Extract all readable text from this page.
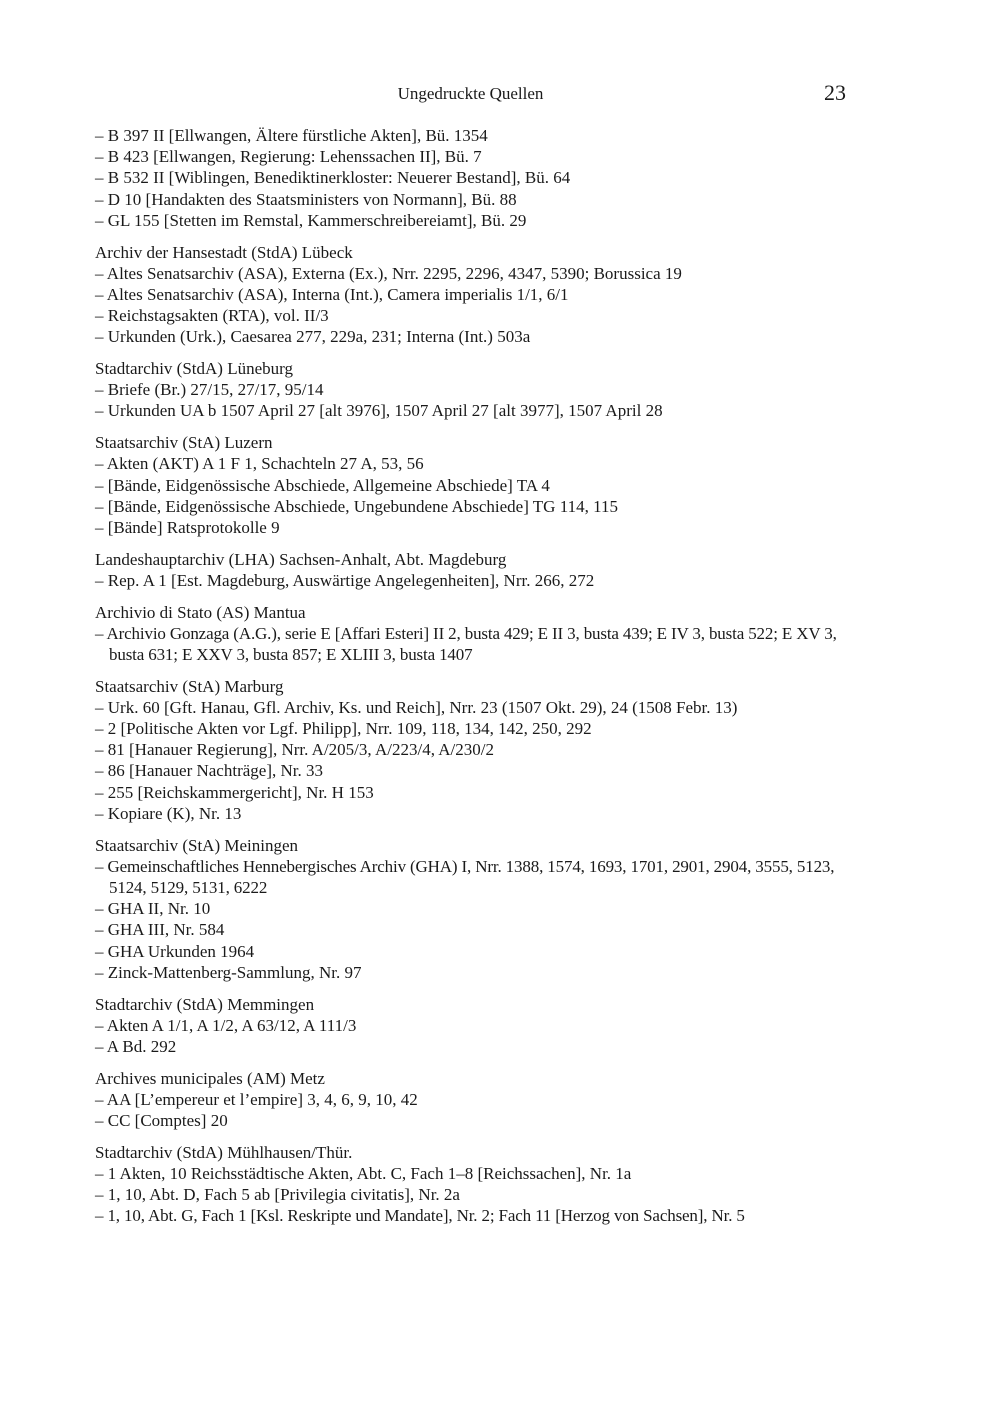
Ungedruckte Quellen	23
– B 397 II [Ellwangen, Ältere fürstliche Akten], Bü. 1354
– B 423 [Ellwangen, Regierung: Lehenssachen II], Bü. 7
– B 532 II [Wiblingen, Benediktinerkloster: Neuerer Bestand], Bü. 64
– D 10 [Handakten des Staatsministers von Normann], Bü. 88
– GL 155 [Stetten im Remstal, Kammerschreibereiamt], Bü. 29
Archiv der Hansestadt (StdA) Lübeck
– Altes Senatsarchiv (ASA), Externa (Ex.), Nrr. 2295, 2296, 4347, 5390; Borussica 19
– Altes Senatsarchiv (ASA), Interna (Int.), Camera imperialis 1/1, 6/1
– Reichstagsakten (RTA), vol. II/3
– Urkunden (Urk.), Caesarea 277, 229a, 231; Interna (Int.) 503a
Stadtarchiv (StdA) Lüneburg
– Briefe (Br.) 27/15, 27/17, 95/14
– Urkunden UA b 1507 April 27 [alt 3976], 1507 April 27 [alt 3977], 1507 April 28
Staatsarchiv (StA) Luzern
– Akten (AKT) A 1 F 1, Schachteln 27 A, 53, 56
– [Bände, Eidgenössische Abschiede, Allgemeine Abschiede] TA 4
– [Bände, Eidgenössische Abschiede, Ungebundene Abschiede] TG 114, 115
– [Bände] Ratsprotokolle 9
Landeshauptarchiv (LHA) Sachsen-Anhalt, Abt. Magdeburg
– Rep. A 1 [Est. Magdeburg, Auswärtige Angelegenheiten], Nrr. 266, 272
Archivio di Stato (AS) Mantua
– Archivio Gonzaga (A.G.), serie E [Affari Esteri] II 2, busta 429; E II 3, busta 439; E IV 3, busta 522; E XV 3, busta 631; E XXV 3, busta 857; E XLIII 3, busta 1407
Staatsarchiv (StA) Marburg
– Urk. 60 [Gft. Hanau, Gfl. Archiv, Ks. und Reich], Nrr. 23 (1507 Okt. 29), 24 (1508 Febr. 13)
– 2 [Politische Akten vor Lgf. Philipp], Nrr. 109, 118, 134, 142, 250, 292
– 81 [Hanauer Regierung], Nrr. A/205/3, A/223/4, A/230/2
– 86 [Hanauer Nachträge], Nr. 33
– 255 [Reichskammergericht], Nr. H 153
– Kopiare (K), Nr. 13
Staatsarchiv (StA) Meiningen
– Gemeinschaftliches Hennebergisches Archiv (GHA) I, Nrr. 1388, 1574, 1693, 1701, 2901, 2904, 3555, 5123, 5124, 5129, 5131, 6222
– GHA II, Nr. 10
– GHA III, Nr. 584
– GHA Urkunden 1964
– Zinck-Mattenberg-Sammlung, Nr. 97
Stadtarchiv (StdA) Memmingen
– Akten A 1/1, A 1/2, A 63/12, A 111/3
– A Bd. 292
Archives municipales (AM) Metz
– AA [L’empereur et l’empire] 3, 4, 6, 9, 10, 42
– CC [Comptes] 20
Stadtarchiv (StdA) Mühlhausen/Thür.
– 1 Akten, 10 Reichsstädtische Akten, Abt. C, Fach 1–8 [Reichssachen], Nr. 1a
– 1, 10, Abt. D, Fach 5 ab [Privilegia civitatis], Nr. 2a
– 1, 10, Abt. G, Fach 1 [Ksl. Reskripte und Mandate], Nr. 2; Fach 11 [Herzog von Sachsen], Nr. 5
